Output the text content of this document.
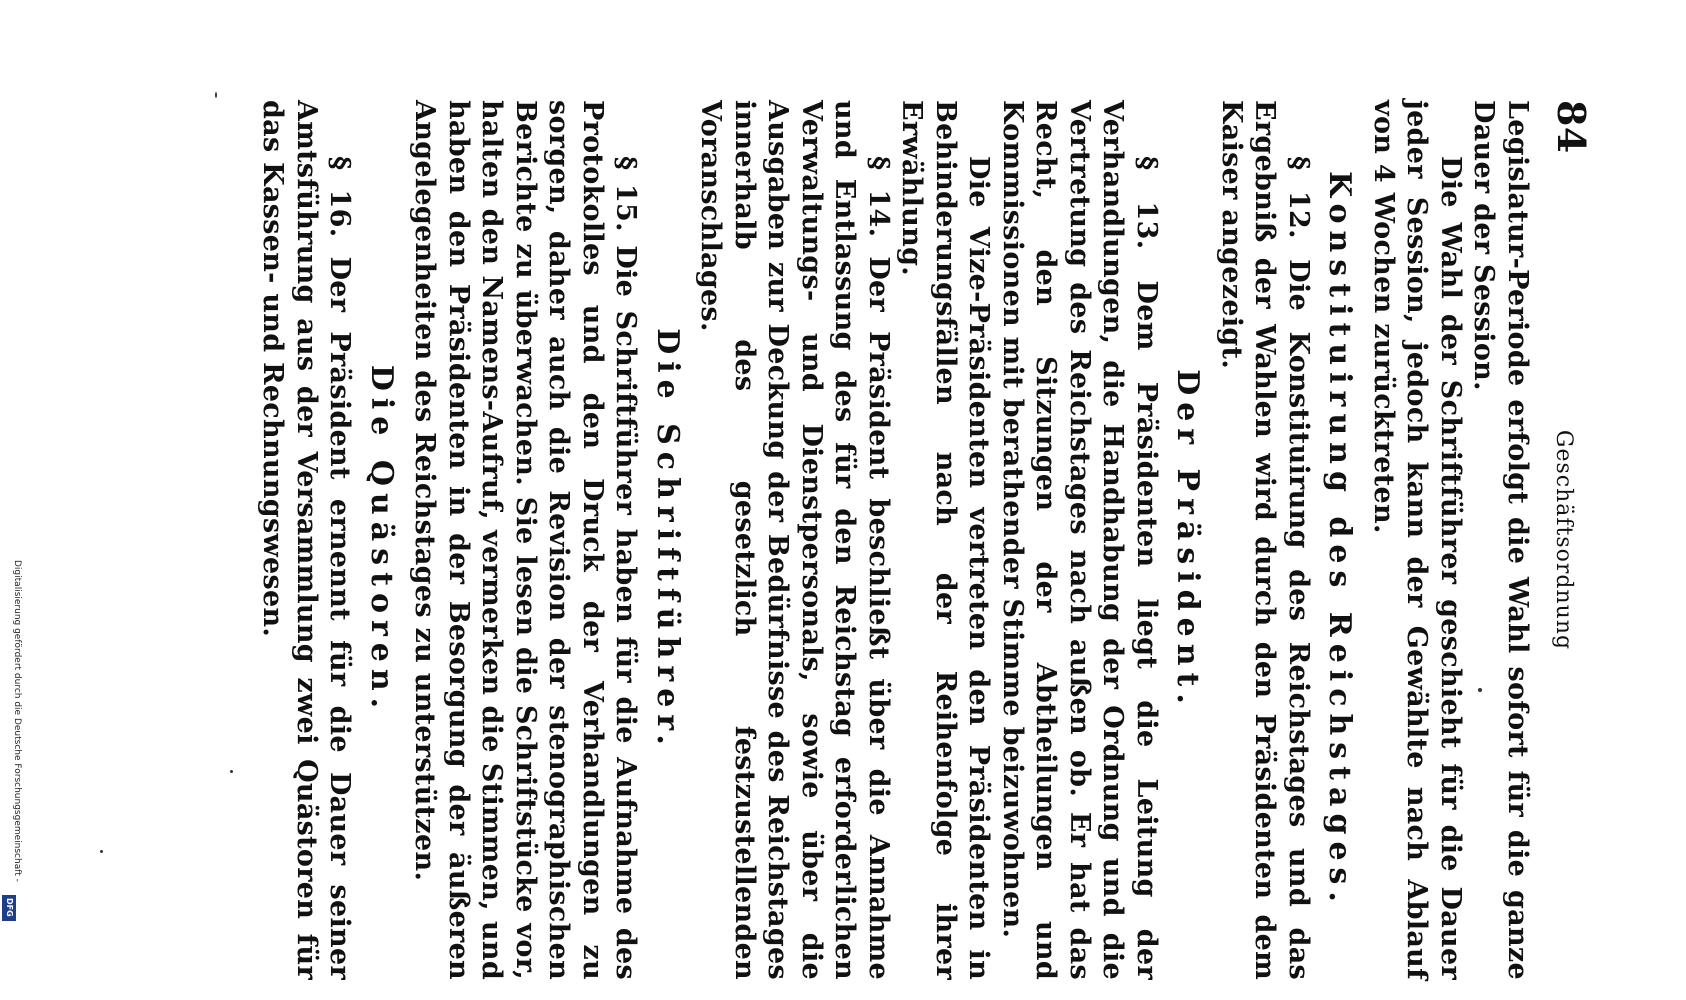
84
Geschäftsordnung

Legislatur-Periode erfolgt die Wahl sofort für die ganze Dauer der Session.

Die Wahl der Schriftführer geschieht für die Dauer jeder Session, jedoch kann der Gewählte nach Ablauf von 4 Wochen zurücktreten.

Konstituirung des Reichstages.

§ 12. Die Konstituirung des Reichstages und das Ergebniß der Wahlen wird durch den Präsidenten dem Kaiser angezeigt.

Der Präsident.

§ 13. Dem Präsidenten liegt die Leitung der Verhandlungen, die Handhabung der Ordnung und die Vertretung des Reichstages nach außen ob. Er hat das Recht, den Sitzungen der Abtheilungen und Kommissionen mit berathender Stimme beizuwohnen.

Die Vize-Präsidenten vertreten den Präsidenten in Behinderungsfällen nach der Reihenfolge ihrer Erwählung.

§ 14. Der Präsident beschließt über die Annahme und Entlassung des für den Reichstag erforderlichen Verwaltungs- und Dienstpersonals, sowie über die Ausgaben zur Deckung der Bedürfnisse des Reichstages innerhalb des gesetzlich festzustellenden Voranschlages.

Die Schriftführer.

§ 15. Die Schriftführer haben für die Aufnahme des Protokolles und den Druck der Verhandlungen zu sorgen, daher auch die Revision der stenographischen Berichte zu überwachen. Sie lesen die Schriftstücke vor, halten den Namens-Aufruf, vermerken die Stimmen, und haben den Präsidenten in der Besorgung der äußeren Angelegenheiten des Reichstages zu unterstützen.

Die Quästoren.

§ 16. Der Präsident ernennt für die Dauer seiner Amtsführung aus der Versammlung zwei Quästoren für das Kassen- und Rechnungswesen.

Digitalisierung gefördert durch die Deutsche Forschungsgemeinschaft -
DFG
